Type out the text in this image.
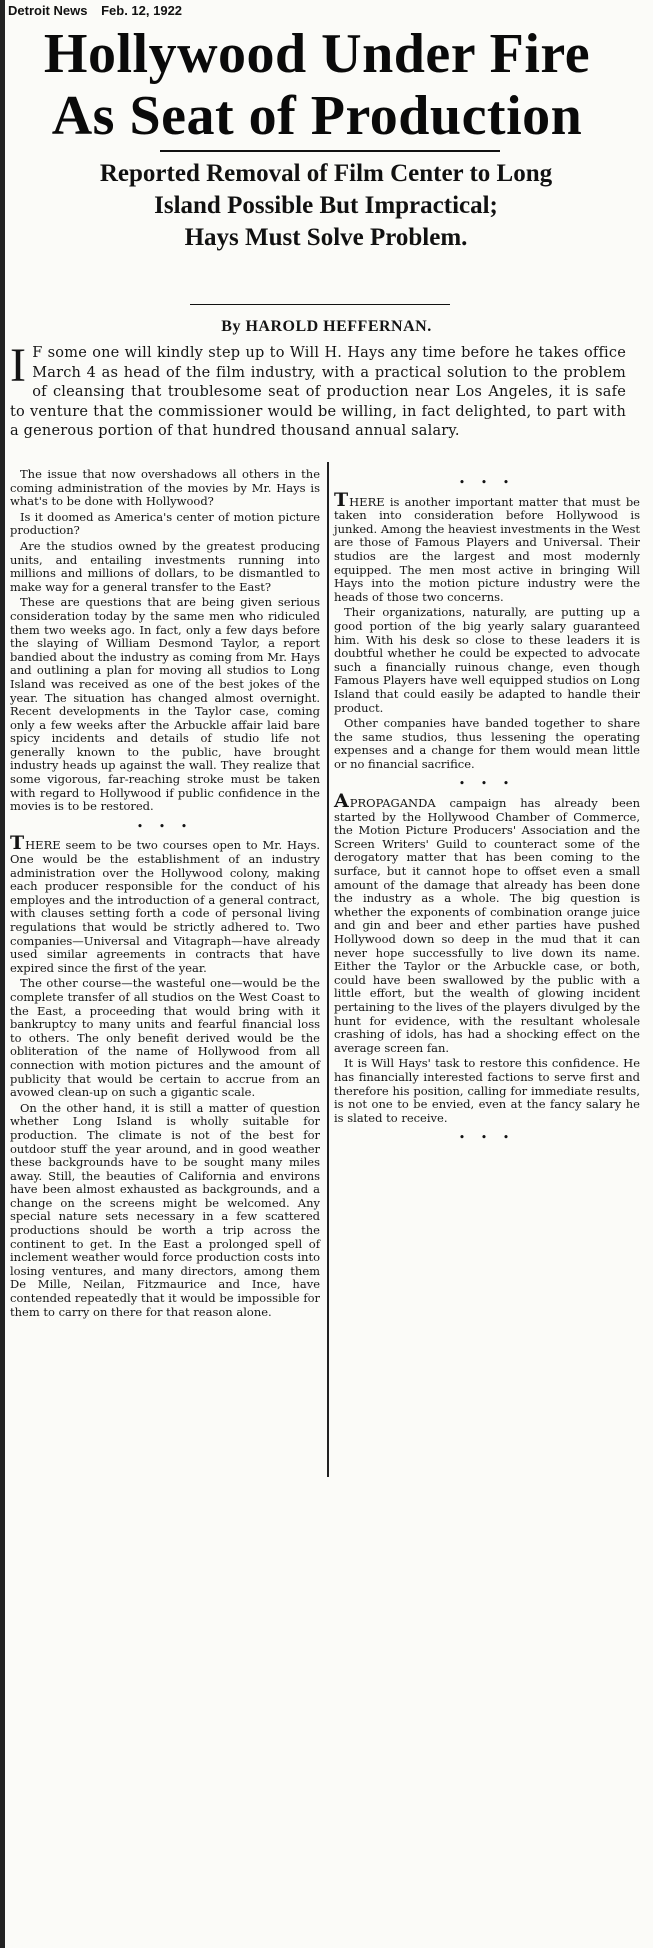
Detroit News Feb. 12, 1922
Hollywood Under Fire
As Seat of Production
Reported Removal of Film Center to Long
Island Possible But Impractical;
Hays Must Solve Problem.
By HAROLD HEFFERNAN.
I F some one will kindly step up to Will H. Hays any time before he takes office March 4 as head of the film industry, with a practical solution to the problem of cleansing that troublesome seat of production near Los Angeles, it is safe to venture that the commissioner would be willing, in fact delighted, to part with a generous portion of that hundred thousand annual salary.

The issue that now overshadows all others in the coming administration of the movies by Mr. Hays is what's to be done with Hollywood?

Is it doomed as America's center of motion picture production?

Are the studios owned by the greatest producing units, and entailing investments running into millions and millions of dollars, to be dismantled to make way for a general transfer to the East?

These are questions that are being given serious consideration today by the same men who ridiculed them two weeks ago. In fact, only a few days before the slaying of William Desmond Taylor, a report bandied about the industry as coming from Mr. Hays and outlining a plan for moving all studios to Long Island was received as one of the best jokes of the year. The situation has changed almost overnight. Recent developments in the Taylor case, coming only a few weeks after the Arbuckle affair laid bare spicy incidents and details of studio life not generally known to the public, have brought industry heads up against the wall. They realize that some vigorous, far-reaching stroke must be taken with regard to Hollywood if public confidence in the movies is to be restored.

• • •

THERE seem to be two courses open to Mr. Hays. One would be the establishment of an industry administration over the Hollywood colony, making each producer responsible for the conduct of his employes and the introduction of a general contract, with clauses setting forth a code of personal living regulations that would be strictly adhered to. Two companies—Universal and Vitagraph—have already used similar agreements in contracts that have expired since the first of the year.

The other course—the wasteful one—would be the complete transfer of all studios on the West Coast to the East, a proceeding that would bring with it bankruptcy to many units and fearful financial loss to others. The only benefit derived would be the obliteration of the name of Hollywood from all connection with motion pictures and the amount of publicity that would be certain to accrue from an avowed clean-up on such a gigantic scale.

On the other hand, it is still a matter of question whether Long Island is wholly suitable for production. The climate is not of the best for outdoor stuff the year around, and in good weather these backgrounds have to be sought many miles away. Still, the beauties of California and environs have been almost exhausted as backgrounds, and a change on the screens might be welcomed. Any special nature sets necessary in a few scattered productions should be worth a trip across the continent to get. In the East a prolonged spell of inclement weather would force production costs into losing ventures, and many directors, among them De Mille, Neilan, Fitzmaurice and Ince, have contended repeatedly that it would be impossible for them to carry on there for that reason alone.

• • •

THERE is another important matter that must be taken into consideration before Hollywood is junked. Among the heaviest investments in the West are those of Famous Players and Universal. Their studios are the largest and most modernly equipped. The men most active in bringing Will Hays into the motion picture industry were the heads of those two concerns.

Their organizations, naturally, are putting up a good portion of the big yearly salary guaranteed him. With his desk so close to these leaders it is doubtful whether he could be expected to advocate such a financially ruinous change, even though Famous Players have well equipped studios on Long Island that could easily be adapted to handle their product.

Other companies have banded together to share the same studios, thus lessening the operating expenses and a change for them would mean little or no financial sacrifice.

• • •

APROPAGANDA campaign has already been started by the Hollywood Chamber of Commerce, the Motion Picture Producers' Association and the Screen Writers' Guild to counteract some of the derogatory matter that has been coming to the surface, but it cannot hope to offset even a small amount of the damage that already has been done the industry as a whole. The big question is whether the exponents of combination orange juice and gin and beer and ether parties have pushed Hollywood down so deep in the mud that it can never hope successfully to live down its name. Either the Taylor or the Arbuckle case, or both, could have been swallowed by the public with a little effort, but the wealth of glowing incident pertaining to the lives of the players divulged by the hunt for evidence, with the resultant wholesale crashing of idols, has had a shocking effect on the average screen fan.

It is Will Hays' task to restore this confidence. He has financially interested factions to serve first and therefore his position, calling for immediate results, is not one to be envied, even at the fancy salary he is slated to receive.

• • •
